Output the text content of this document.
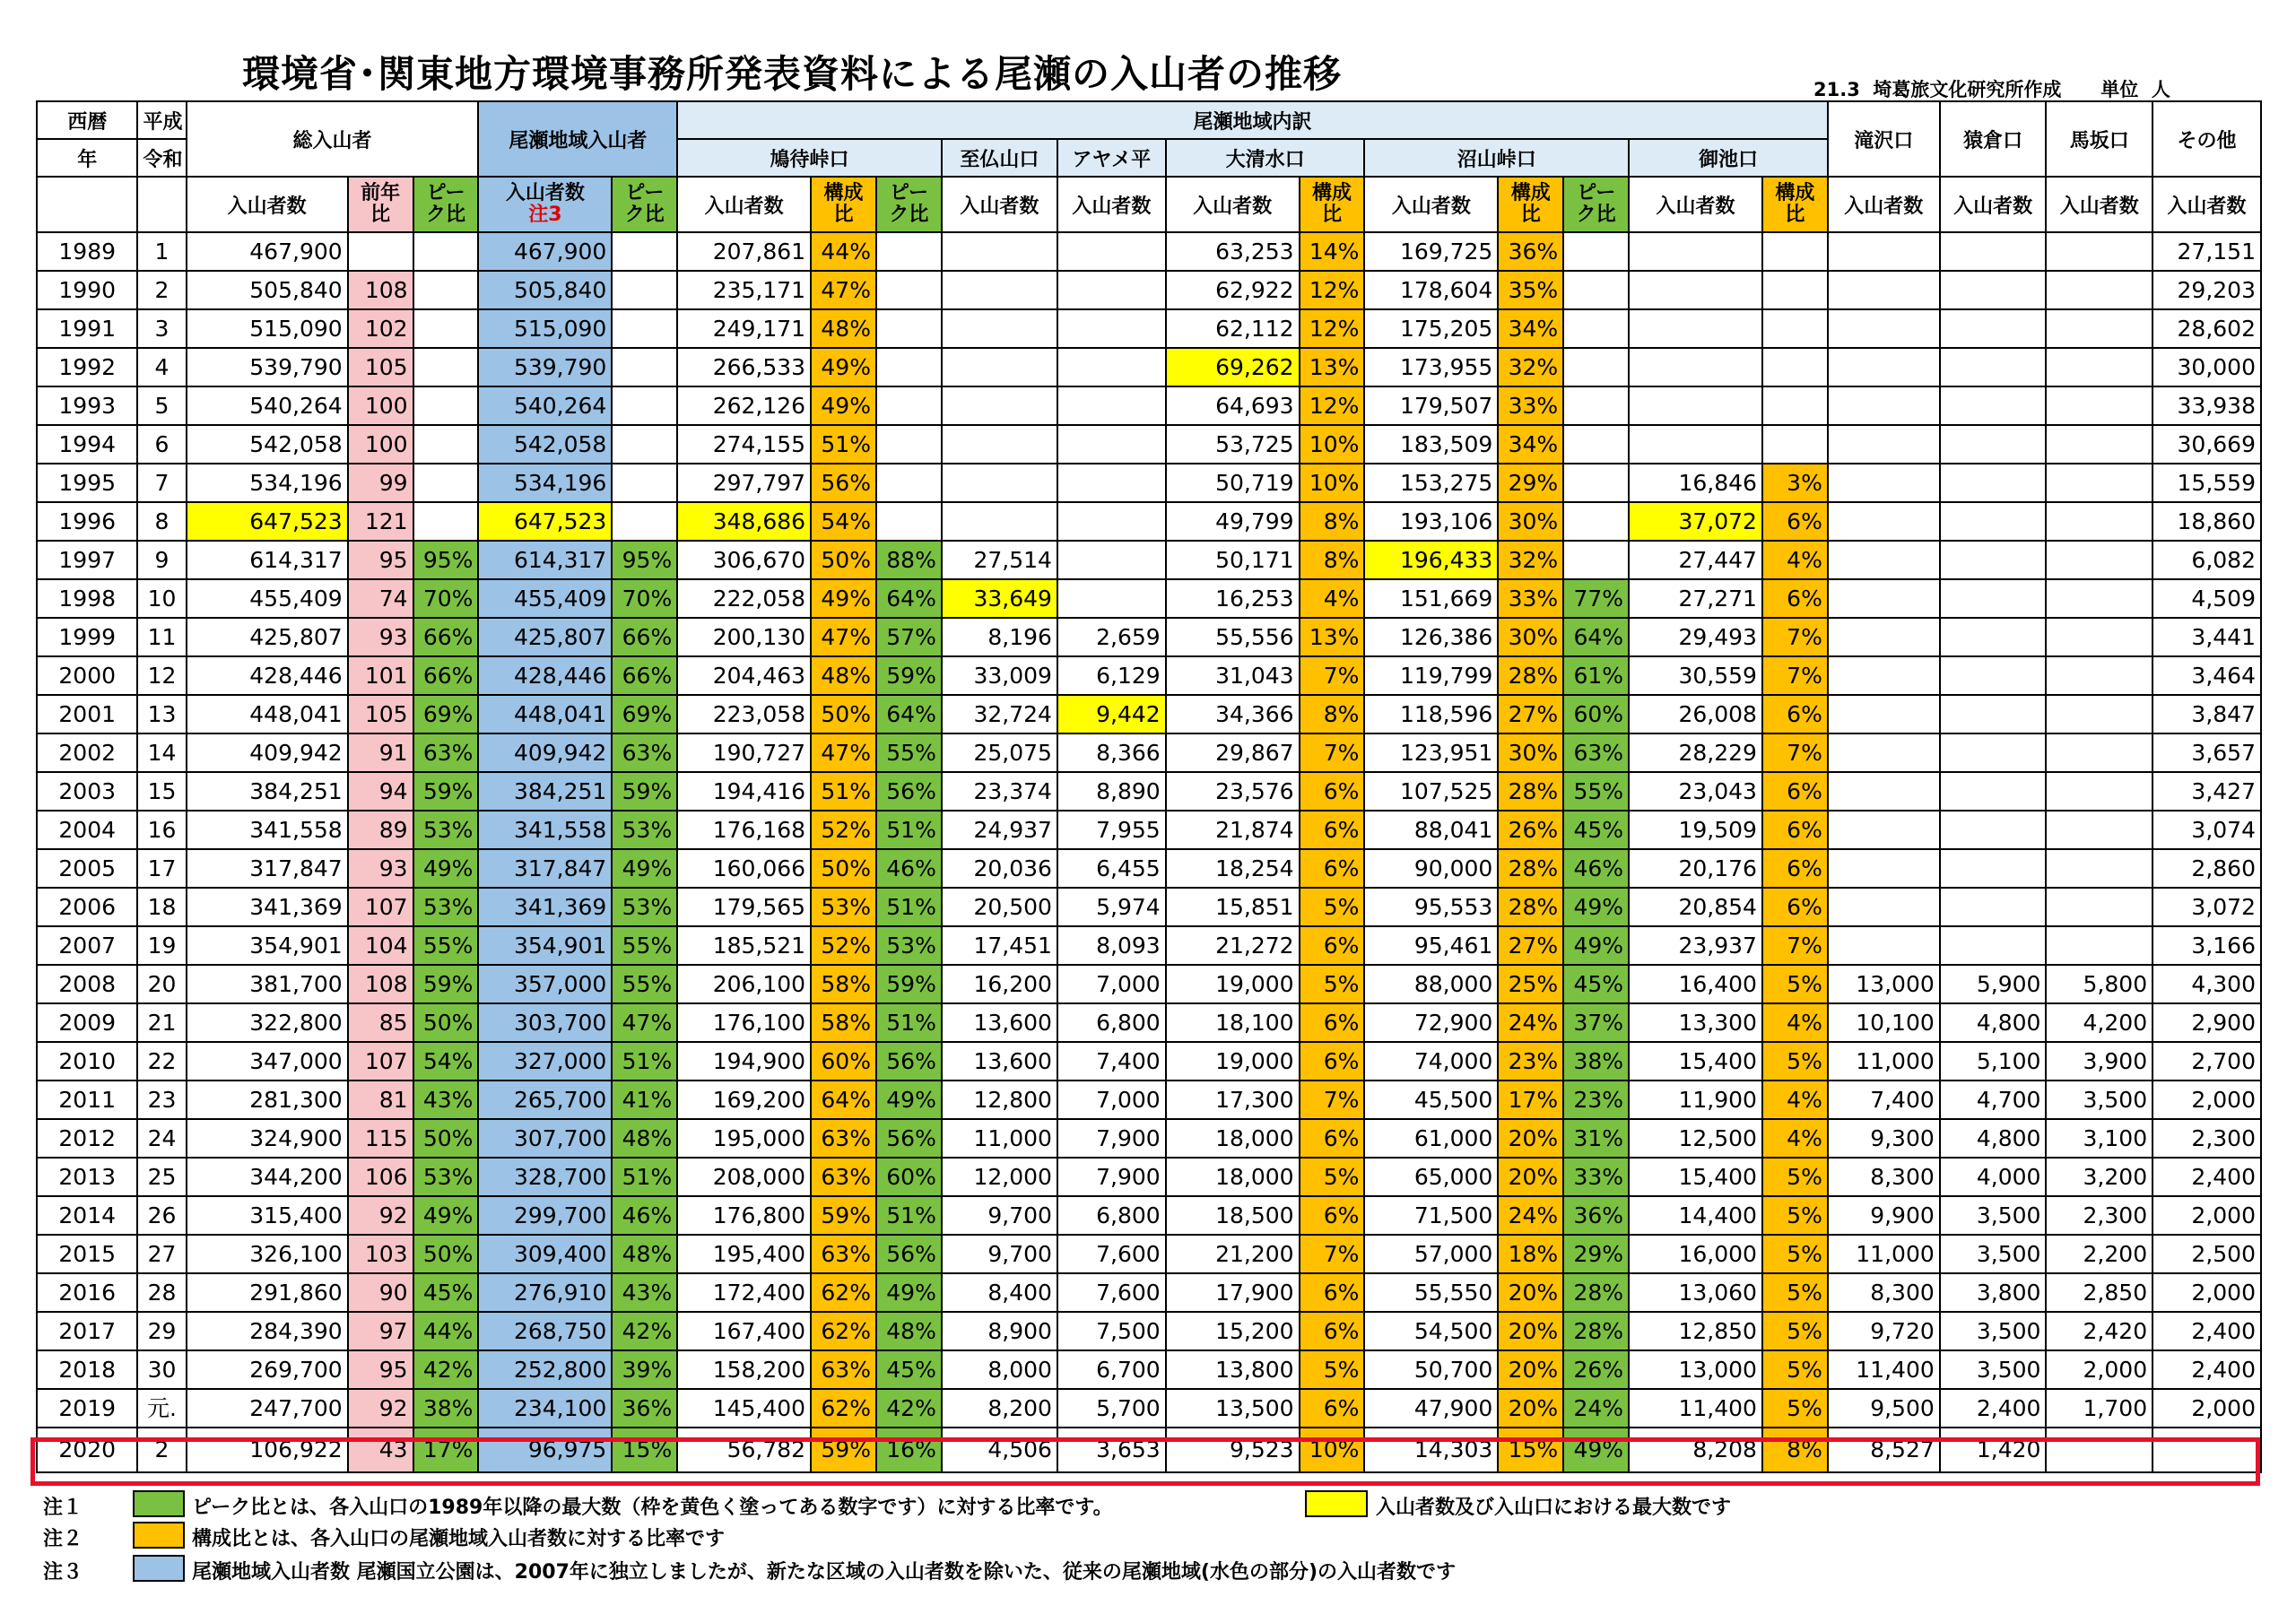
環境省･関東地方環境事務所発表資料による尾瀬の入山者の推移	21.3  埼葛旅文化研究所作成      単位  人
西暦	平成	総入山者			尾瀬地域入山者		尾瀬地域内訳												滝沢口	猿倉口	馬坂口	その他
年	令和						鳩待峠口			至仏山口	アヤメ平	大清水口		沼山峠口			御池口					
		入山者数	前年比	ピーク比	入山者数
注3	ピーク比	入山者数	構成比	ピーク比	入山者数	入山者数	入山者数	構成比	入山者数	構成比	ピーク比	入山者数	構成比	入山者数	入山者数	入山者数	入山者数
1989	1	467,900			467,900		207,861	44%				63,253	14%	169,725	36%							27,151
1990	2	505,840	108		505,840		235,171	47%				62,922	12%	178,604	35%							29,203
1991	3	515,090	102		515,090		249,171	48%				62,112	12%	175,205	34%							28,602
1992	4	539,790	105		539,790		266,533	49%				69,262	13%	173,955	32%							30,000
1993	5	540,264	100		540,264		262,126	49%				64,693	12%	179,507	33%							33,938
1994	6	542,058	100		542,058		274,155	51%				53,725	10%	183,509	34%							30,669
1995	7	534,196	99		534,196		297,797	56%				50,719	10%	153,275	29%		16,846	3%				15,559
1996	8	647,523	121		647,523		348,686	54%				49,799	8%	193,106	30%		37,072	6%				18,860
1997	9	614,317	95	95%	614,317	95%	306,670	50%	88%	27,514		50,171	8%	196,433	32%		27,447	4%				6,082
1998	10	455,409	74	70%	455,409	70%	222,058	49%	64%	33,649		16,253	4%	151,669	33%	77%	27,271	6%				4,509
1999	11	425,807	93	66%	425,807	66%	200,130	47%	57%	8,196	2,659	55,556	13%	126,386	30%	64%	29,493	7%				3,441
2000	12	428,446	101	66%	428,446	66%	204,463	48%	59%	33,009	6,129	31,043	7%	119,799	28%	61%	30,559	7%				3,464
2001	13	448,041	105	69%	448,041	69%	223,058	50%	64%	32,724	9,442	34,366	8%	118,596	27%	60%	26,008	6%				3,847
2002	14	409,942	91	63%	409,942	63%	190,727	47%	55%	25,075	8,366	29,867	7%	123,951	30%	63%	28,229	7%				3,657
2003	15	384,251	94	59%	384,251	59%	194,416	51%	56%	23,374	8,890	23,576	6%	107,525	28%	55%	23,043	6%				3,427
2004	16	341,558	89	53%	341,558	53%	176,168	52%	51%	24,937	7,955	21,874	6%	88,041	26%	45%	19,509	6%				3,074
2005	17	317,847	93	49%	317,847	49%	160,066	50%	46%	20,036	6,455	18,254	6%	90,000	28%	46%	20,176	6%				2,860
2006	18	341,369	107	53%	341,369	53%	179,565	53%	51%	20,500	5,974	15,851	5%	95,553	28%	49%	20,854	6%				3,072
2007	19	354,901	104	55%	354,901	55%	185,521	52%	53%	17,451	8,093	21,272	6%	95,461	27%	49%	23,937	7%				3,166
2008	20	381,700	108	59%	357,000	55%	206,100	58%	59%	16,200	7,000	19,000	5%	88,000	25%	45%	16,400	5%	13,000	5,900	5,800	4,300
2009	21	322,800	85	50%	303,700	47%	176,100	58%	51%	13,600	6,800	18,100	6%	72,900	24%	37%	13,300	4%	10,100	4,800	4,200	2,900
2010	22	347,000	107	54%	327,000	51%	194,900	60%	56%	13,600	7,400	19,000	6%	74,000	23%	38%	15,400	5%	11,000	5,100	3,900	2,700
2011	23	281,300	81	43%	265,700	41%	169,200	64%	49%	12,800	7,000	17,300	7%	45,500	17%	23%	11,900	4%	7,400	4,700	3,500	2,000
2012	24	324,900	115	50%	307,700	48%	195,000	63%	56%	11,000	7,900	18,000	6%	61,000	20%	31%	12,500	4%	9,300	4,800	3,100	2,300
2013	25	344,200	106	53%	328,700	51%	208,000	63%	60%	12,000	7,900	18,000	5%	65,000	20%	33%	15,400	5%	8,300	4,000	3,200	2,400
2014	26	315,400	92	49%	299,700	46%	176,800	59%	51%	9,700	6,800	18,500	6%	71,500	24%	36%	14,400	5%	9,900	3,500	2,300	2,000
2015	27	326,100	103	50%	309,400	48%	195,400	63%	56%	9,700	7,600	21,200	7%	57,000	18%	29%	16,000	5%	11,000	3,500	2,200	2,500
2016	28	291,860	90	45%	276,910	43%	172,400	62%	49%	8,400	7,600	17,900	6%	55,550	20%	28%	13,060	5%	8,300	3,800	2,850	2,000
2017	29	284,390	97	44%	268,750	42%	167,400	62%	48%	8,900	7,500	15,200	6%	54,500	20%	28%	12,850	5%	9,720	3,500	2,420	2,400
2018	30	269,700	95	42%	252,800	39%	158,200	63%	45%	8,000	6,700	13,800	5%	50,700	20%	26%	13,000	5%	11,400	3,500	2,000	2,400
2019	元.	247,700	92	38%	234,100	36%	145,400	62%	42%	8,200	5,700	13,500	6%	47,900	20%	24%	11,400	5%	9,500	2,400	1,700	2,000
2020	2	106,922	43	17%	96,975	15%	56,782	59%	16%	4,506	3,653	9,523	10%	14,303	15%	49%	8,208	8%	8,527	1,420		
注１	ピーク比とは、各入山口の1989年以降の最大数（枠を黄色く塗ってある数字です）に対する比率です。	入山者数及び入山口における最大数です
注２	構成比とは、各入山口の尾瀬地域入山者数に対する比率です
注３	尾瀬地域入山者数 尾瀬国立公園は、2007年に独立しましたが、新たな区域の入山者数を除いた、従来の尾瀬地域(水色の部分)の入山者数です
